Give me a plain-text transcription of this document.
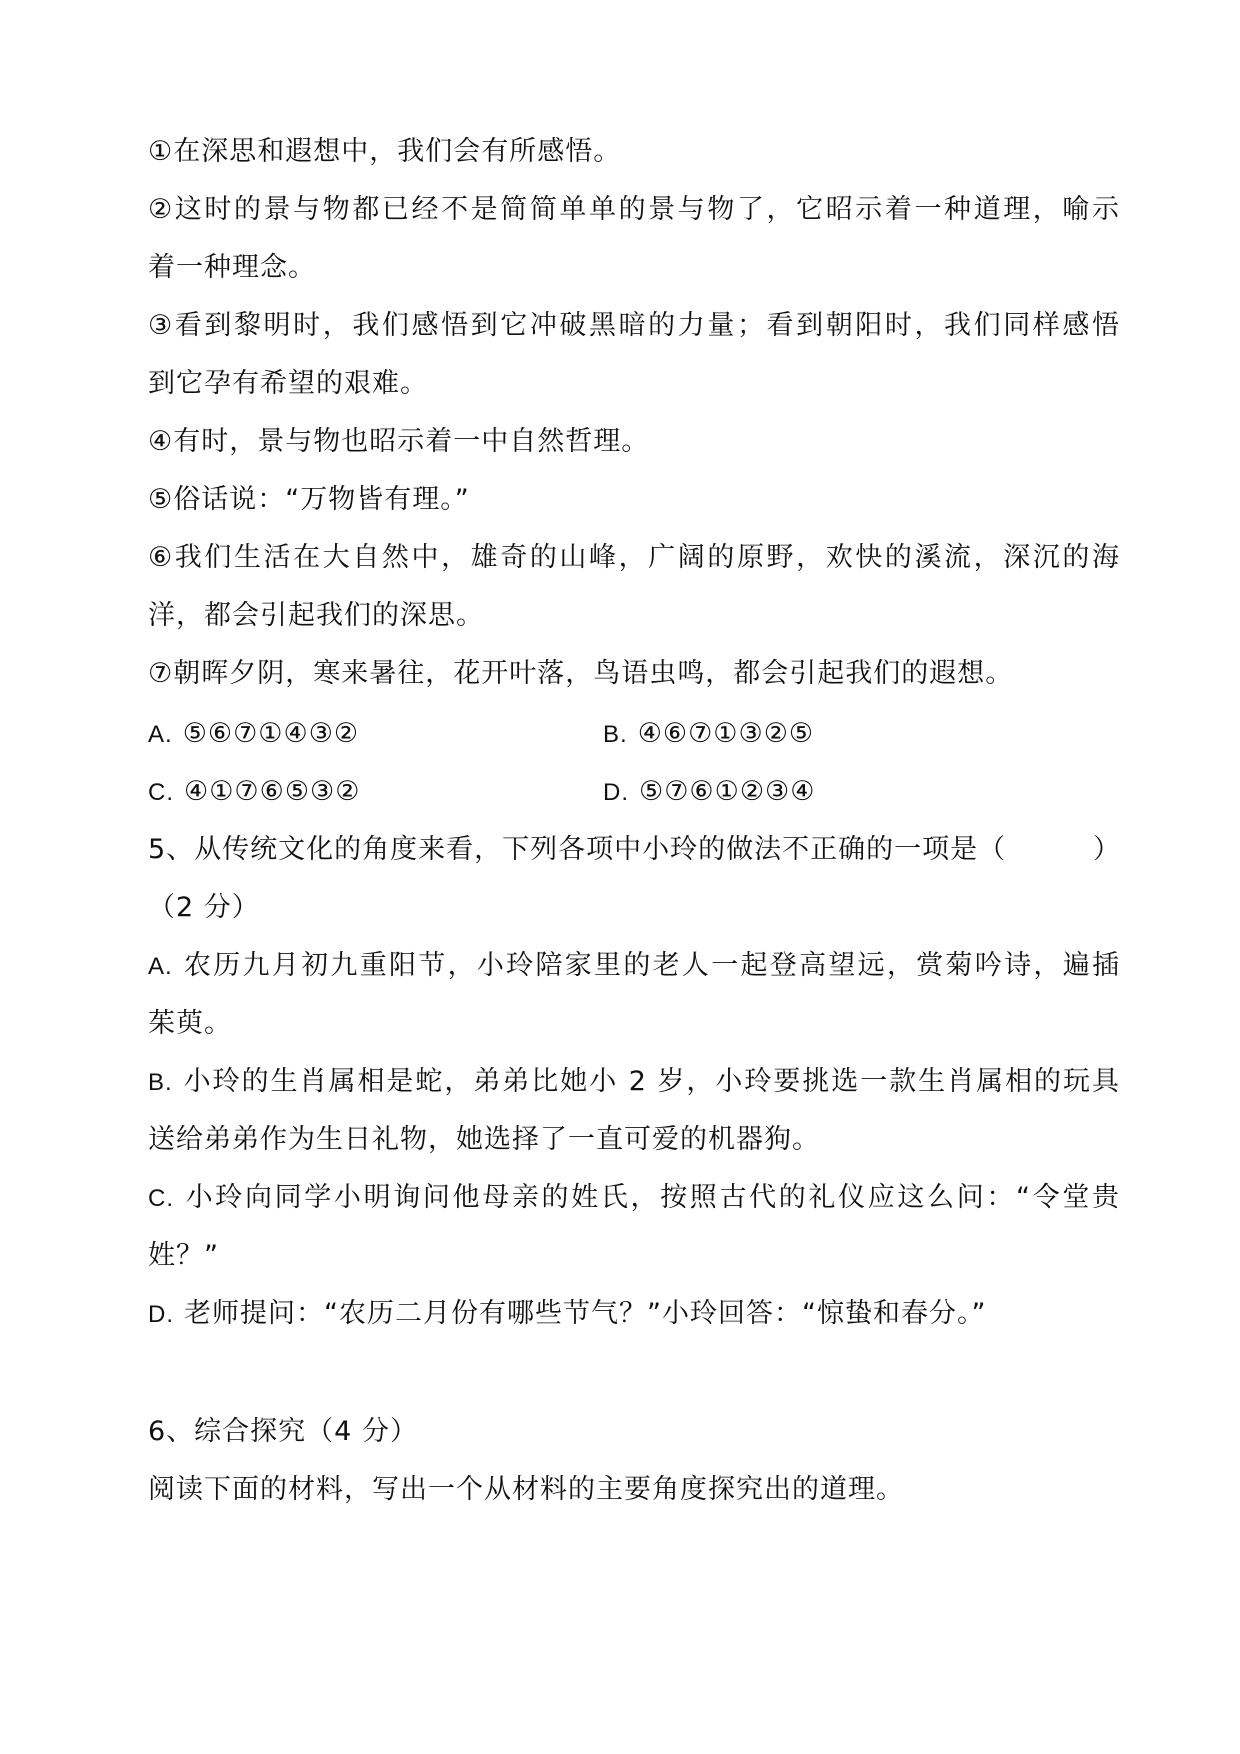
①在深思和遐想中，我们会有所感悟。
②这时的景与物都已经不是简简单单的景与物了，它昭示着一种道理，喻示
着一种理念。
③看到黎明时，我们感悟到它冲破黑暗的力量；看到朝阳时，我们同样感悟
到它孕有希望的艰难。
④有时，景与物也昭示着一中自然哲理。
⑤俗话说：“万物皆有理。”
⑥我们生活在大自然中，雄奇的山峰，广阔的原野，欢快的溪流，深沉的海
洋，都会引起我们的深思。
⑦朝晖夕阴，寒来暑往，花开叶落，鸟语虫鸣，都会引起我们的遐想。
A. ⑤⑥⑦①④③②	B. ④⑥⑦①③②⑤
C. ④①⑦⑥⑤③②	D. ⑤⑦⑥①②③④
5、从传统文化的角度来看，下列各项中小玲的做法不正确的一项是（	）
（2 分）
A. 农历九月初九重阳节，小玲陪家里的老人一起登高望远，赏菊吟诗，遍插
茱萸。
B. 小玲的生肖属相是蛇，弟弟比她小 2 岁，小玲要挑选一款生肖属相的玩具
送给弟弟作为生日礼物，她选择了一直可爱的机器狗。
C. 小玲向同学小明询问他母亲的姓氏，按照古代的礼仪应这么问：“令堂贵
姓？”
D. 老师提问：“农历二月份有哪些节气？”小玲回答：“惊蛰和春分。”
6、综合探究（4 分）
阅读下面的材料，写出一个从材料的主要角度探究出的道理。
